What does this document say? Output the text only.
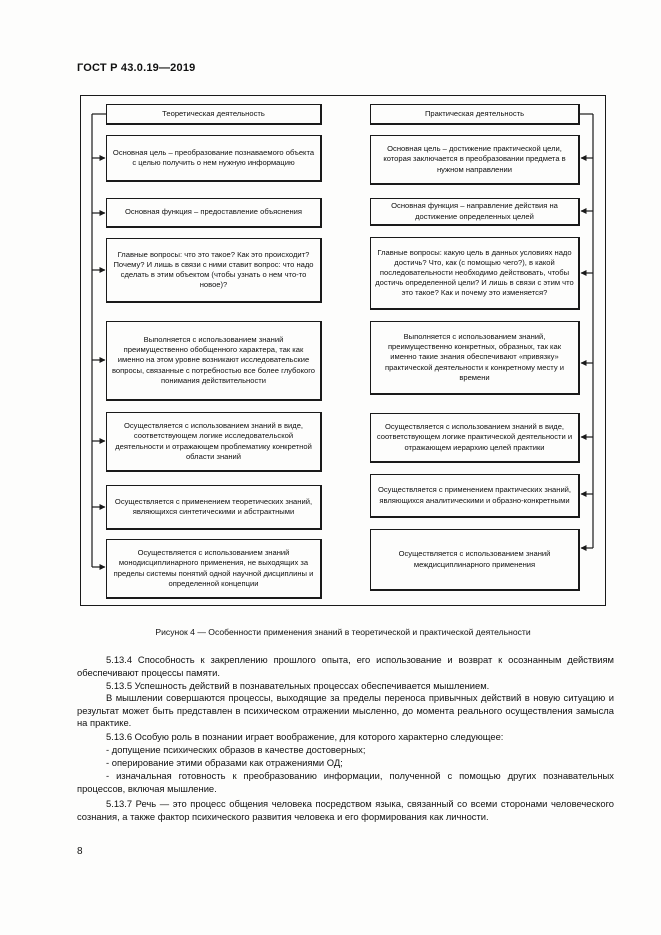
ГОСТ Р 43.0.19—2019
Теоретическая деятельность
Основная цель – преобразование познаваемого объекта с целью получить о нем нужную информацию
Основная функция – предоставление объяснения
Главные вопросы: что это такое? Как это происходит? Почему? И лишь в связи с ними ставит вопрос: что надо сделать в этим объектом (чтобы узнать о нем что-то новое)?
Выполняется с использованием знаний преимущественно обобщенного характера, так как именно на этом уровне возникают исследовательские вопросы, связанные с потребностью все более глубокого понимания действительности
Осуществляется с использованием знаний в виде, соответствующем логике исследовательской деятельности и отражающем проблематику конкретной области знаний
Осуществляется с применением теоретических знаний, являющихся синтетическими и абстрактными
Осуществляется с использованием знаний монодисциплинарного применения, не выходящих за пределы системы понятий одной научной дисциплины и определенной концепции
Практическая деятельность
Основная цель – достижение практической цели, которая заключается в преобразовании предмета в нужном направлении
Основная функция – направление действия на достижение определенных целей
Главные вопросы: какую цель в данных условиях надо достичь? Что, как (с помощью чего?), в какой последовательности необходимо действовать, чтобы достичь определенной цели? И лишь в связи с этим что это такое? Как и почему это изменяется?
Выполняется с использованием знаний, преимущественно конкретных, образных, так как именно такие знания обеспечивают «привязку» практической деятельности к конкретному месту и времени
Осуществляется с использованием знаний в виде, соответствующем логике практической деятельности и отражающем иерархию целей практики
Осуществляется с применением практических знаний, являющихся аналитическими и образно-конкретными
Осуществляется с использованием знаний междисциплинарного применения
Рисунок 4 — Особенности применения знаний в теоретической и практической деятельности

5.13.4 Способность к закреплению прошлого опыта, его использование и возврат к осознанным действиям обеспечивают процессы памяти.

5.13.5 Успешность действий в познавательных процессах обеспечивается мышлением.

В мышлении совершаются процессы, выходящие за пределы переноса привычных действий в новую ситуацию и результат может быть представлен в психическом отражении мысленно, до момента реального осуществления замысла на практике.

5.13.6 Особую роль в познании играет воображение, для которого характерно следующее:

- допущение психических образов в качестве достоверных;

- оперирование этими образами как отражениями ОД;

- изначальная готовность к преобразованию информации, полученной с помощью других познавательных процессов, включая мышление.

5.13.7 Речь — это процесс общения человека посредством языка, связанный со всеми сторонами человеческого сознания, а также фактор психического развития человека и его формирования как личности.

8
